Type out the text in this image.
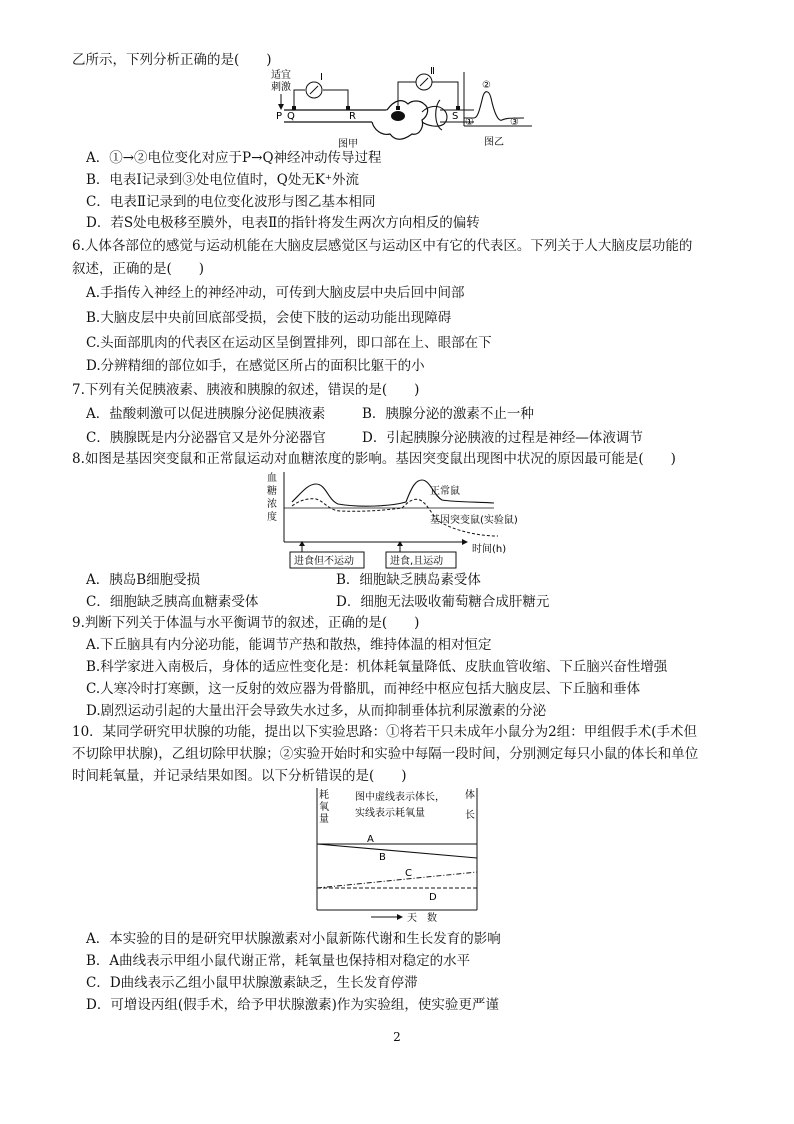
乙所示，下列分析正确的是(　　)
适宜
刺激
Ⅰ
Ⅱ
P Q	R	S
图甲
①
②
③
图乙
A．①→②电位变化对应于P→Q神经冲动传导过程
B．电表Ⅰ记录到③处电位值时，Q处无K⁺外流
C．电表Ⅱ记录到的电位变化波形与图乙基本相同
D．若S处电极移至膜外，电表Ⅱ的指针将发生两次方向相反的偏转
6.人体各部位的感觉与运动机能在大脑皮层感觉区与运动区中有它的代表区。下列关于人大脑皮层功能的
叙述，正确的是(　　)
A.手指传入神经上的神经冲动，可传到大脑皮层中央后回中间部
B.大脑皮层中央前回底部受损，会使下肢的运动功能出现障碍
C.头面部肌肉的代表区在运动区呈倒置排列，即口部在上、眼部在下
D.分辨精细的部位如手，在感觉区所占的面积比躯干的小
7.下列有关促胰液素、胰液和胰腺的叙述，错误的是(　　)
A．盐酸刺激可以促进胰腺分泌促胰液素	B．胰腺分泌的激素不止一种
C．胰腺既是内分泌器官又是外分泌器官	D．引起胰腺分泌胰液的过程是神经—体液调节
8.如图是基因突变鼠和正常鼠运动对血糖浓度的影响。基因突变鼠出现图中状况的原因最可能是(　　)
血
糖
浓
度
正常鼠
基因突变鼠(实验鼠)
时间(h)
进食但不运动	进食,且运动
A．胰岛B细胞受损	B．细胞缺乏胰岛素受体
C．细胞缺乏胰高血糖素受体	D．细胞无法吸收葡萄糖合成肝糖元
9.判断下列关于体温与水平衡调节的叙述，正确的是(　　)
A.下丘脑具有内分泌功能，能调节产热和散热，维持体温的相对恒定
B.科学家进入南极后，身体的适应性变化是：机体耗氧量降低、皮肤血管收缩、下丘脑兴奋性增强
C.人寒冷时打寒颤，这一反射的效应器为骨骼肌，而神经中枢应包括大脑皮层、下丘脑和垂体
D.剧烈运动引起的大量出汗会导致失水过多，从而抑制垂体抗利尿激素的分泌
10．某同学研究甲状腺的功能，提出以下实验思路：①将若干只未成年小鼠分为2组：甲组假手术(手术但
不切除甲状腺)，乙组切除甲状腺；②实验开始时和实验中每隔一段时间，分别测定每只小鼠的体长和单位
时间耗氧量，并记录结果如图。以下分析错误的是(　　)
耗
氧
量
体
长
图中虚线表示体长，
实线表示耗氧量
A
B
C
D
天　数
A．本实验的目的是研究甲状腺激素对小鼠新陈代谢和生长发育的影响
B．A曲线表示甲组小鼠代谢正常，耗氧量也保持相对稳定的水平
C．D曲线表示乙组小鼠甲状腺激素缺乏，生长发育停滞
D．可增设丙组(假手术，给予甲状腺激素)作为实验组，使实验更严谨
2
